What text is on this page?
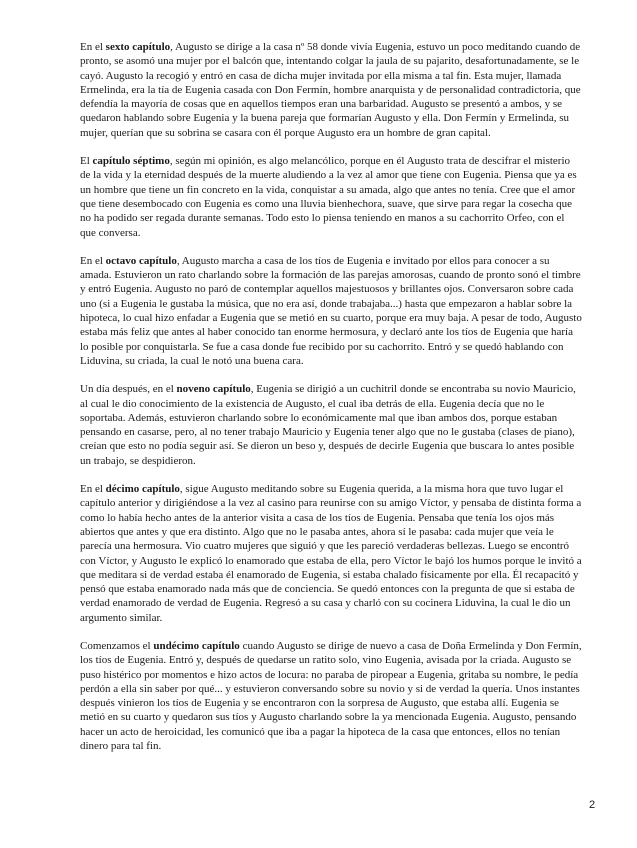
En el sexto capítulo, Augusto se dirige a la casa nº 58 donde vivía Eugenia, estuvo un poco meditando cuando de pronto, se asomó una mujer por el balcón que, intentando colgar la jaula de su pajarito, desafortunadamente, se le cayó. Augusto la recogió y entró en casa de dicha mujer invitada por ella misma a tal fin. Esta mujer, llamada Ermelinda, era la tía de Eugenia casada con Don Fermín, hombre anarquista y de personalidad contradictoria, que defendía la mayoría de cosas que en aquellos tiempos eran una barbaridad. Augusto se presentó a ambos, y se quedaron hablando sobre Eugenia y la buena pareja que formarían Augusto y ella. Don Fermín y Ermelinda, su mujer, querían que su sobrina se casara con él porque Augusto era un hombre de gran capital.

El capítulo séptimo, según mi opinión, es algo melancólico, porque en él Augusto trata de descifrar el misterio de la vida y la eternidad después de la muerte aludiendo a la vez al amor que tiene con Eugenia. Piensa que ya es un hombre que tiene un fin concreto en la vida, conquistar a su amada, algo que antes no tenía. Cree que el amor que tiene desembocado con Eugenia es como una lluvia bienhechora, suave, que sirve para regar la cosecha que no ha podido ser regada durante semanas. Todo esto lo piensa teniendo en manos a su cachorrito Orfeo, con el que conversa.

En el octavo capítulo, Augusto marcha a casa de los tíos de Eugenia e invitado por ellos para conocer a su amada. Estuvieron un rato charlando sobre la formación de las parejas amorosas, cuando de pronto sonó el timbre y entró Eugenia. Augusto no paró de contemplar aquellos majestuosos y brillantes ojos. Conversaron sobre cada uno (si a Eugenia le gustaba la música, que no era así, donde trabajaba...) hasta que empezaron a hablar sobre la hipoteca, lo cual hizo enfadar a Eugenia que se metió en su cuarto, porque era muy baja. A pesar de todo, Augusto estaba más feliz que antes al haber conocido tan enorme hermosura, y declaró ante los tíos de Eugenia que haría lo posible por conquistarla. Se fue a casa donde fue recibido por su cachorrito. Entró y se quedó hablando con Liduvina, su criada, la cual le notó una buena cara.

Un día después, en el noveno capítulo, Eugenia se dirigió a un cuchitril donde se encontraba su novio Mauricio, al cual le dio conocimiento de la existencia de Augusto, el cual iba detrás de ella. Eugenia decía que no le soportaba. Además, estuvieron charlando sobre lo económicamente mal que iban ambos dos, porque estaban pensando en casarse, pero, al no tener trabajo Mauricio y Eugenia tener algo que no le gustaba (clases de piano), creían que esto no podía seguir así. Se dieron un beso y, después de decirle Eugenia que buscara lo antes posible un trabajo, se despidieron.

En el décimo capítulo, sigue Augusto meditando sobre su Eugenia querida, a la misma hora que tuvo lugar el capítulo anterior y dirigiéndose a la vez al casino para reunirse con su amigo Víctor, y pensaba de distinta forma a como lo había hecho antes de la anterior visita a casa de los tíos de Eugenia. Pensaba que tenía los ojos más abiertos que antes y que era distinto. Algo que no le pasaba antes, ahora sí le pasaba: cada mujer que veía le parecía una hermosura. Vio cuatro mujeres que siguió y que les pareció verdaderas bellezas. Luego se encontró con Víctor, y Augusto le explicó lo enamorado que estaba de ella, pero Víctor le bajó los humos porque le invitó a que meditara si de verdad estaba él enamorado de Eugenia, si estaba chalado físicamente por ella. Él recapacitó y pensó que estaba enamorado nada más que de conciencia. Se quedó entonces con la pregunta de que si estaba de verdad enamorado de verdad de Eugenia. Regresó a su casa y charló con su cocinera Liduvina, la cual le dio un argumento similar.

Comenzamos el undécimo capítulo cuando Augusto se dirige de nuevo a casa de Doña Ermelinda y Don Fermín, los tíos de Eugenia. Entró y, después de quedarse un ratito solo, vino Eugenia, avisada por la criada. Augusto se puso histérico por momentos e hizo actos de locura: no paraba de piropear a Eugenia, gritaba su nombre, le pedía perdón a ella sin saber por qué... y estuvieron conversando sobre su novio y si de verdad la quería. Unos instantes después vinieron los tíos de Eugenia y se encontraron con la sorpresa de Augusto, que estaba allí. Eugenia se metió en su cuarto y quedaron sus tíos y Augusto charlando sobre la ya mencionada Eugenia. Augusto, pensando hacer un acto de heroicidad, les comunicó que iba a pagar la hipoteca de la casa que entonces, ellos no tenían dinero para tal fin.

2
